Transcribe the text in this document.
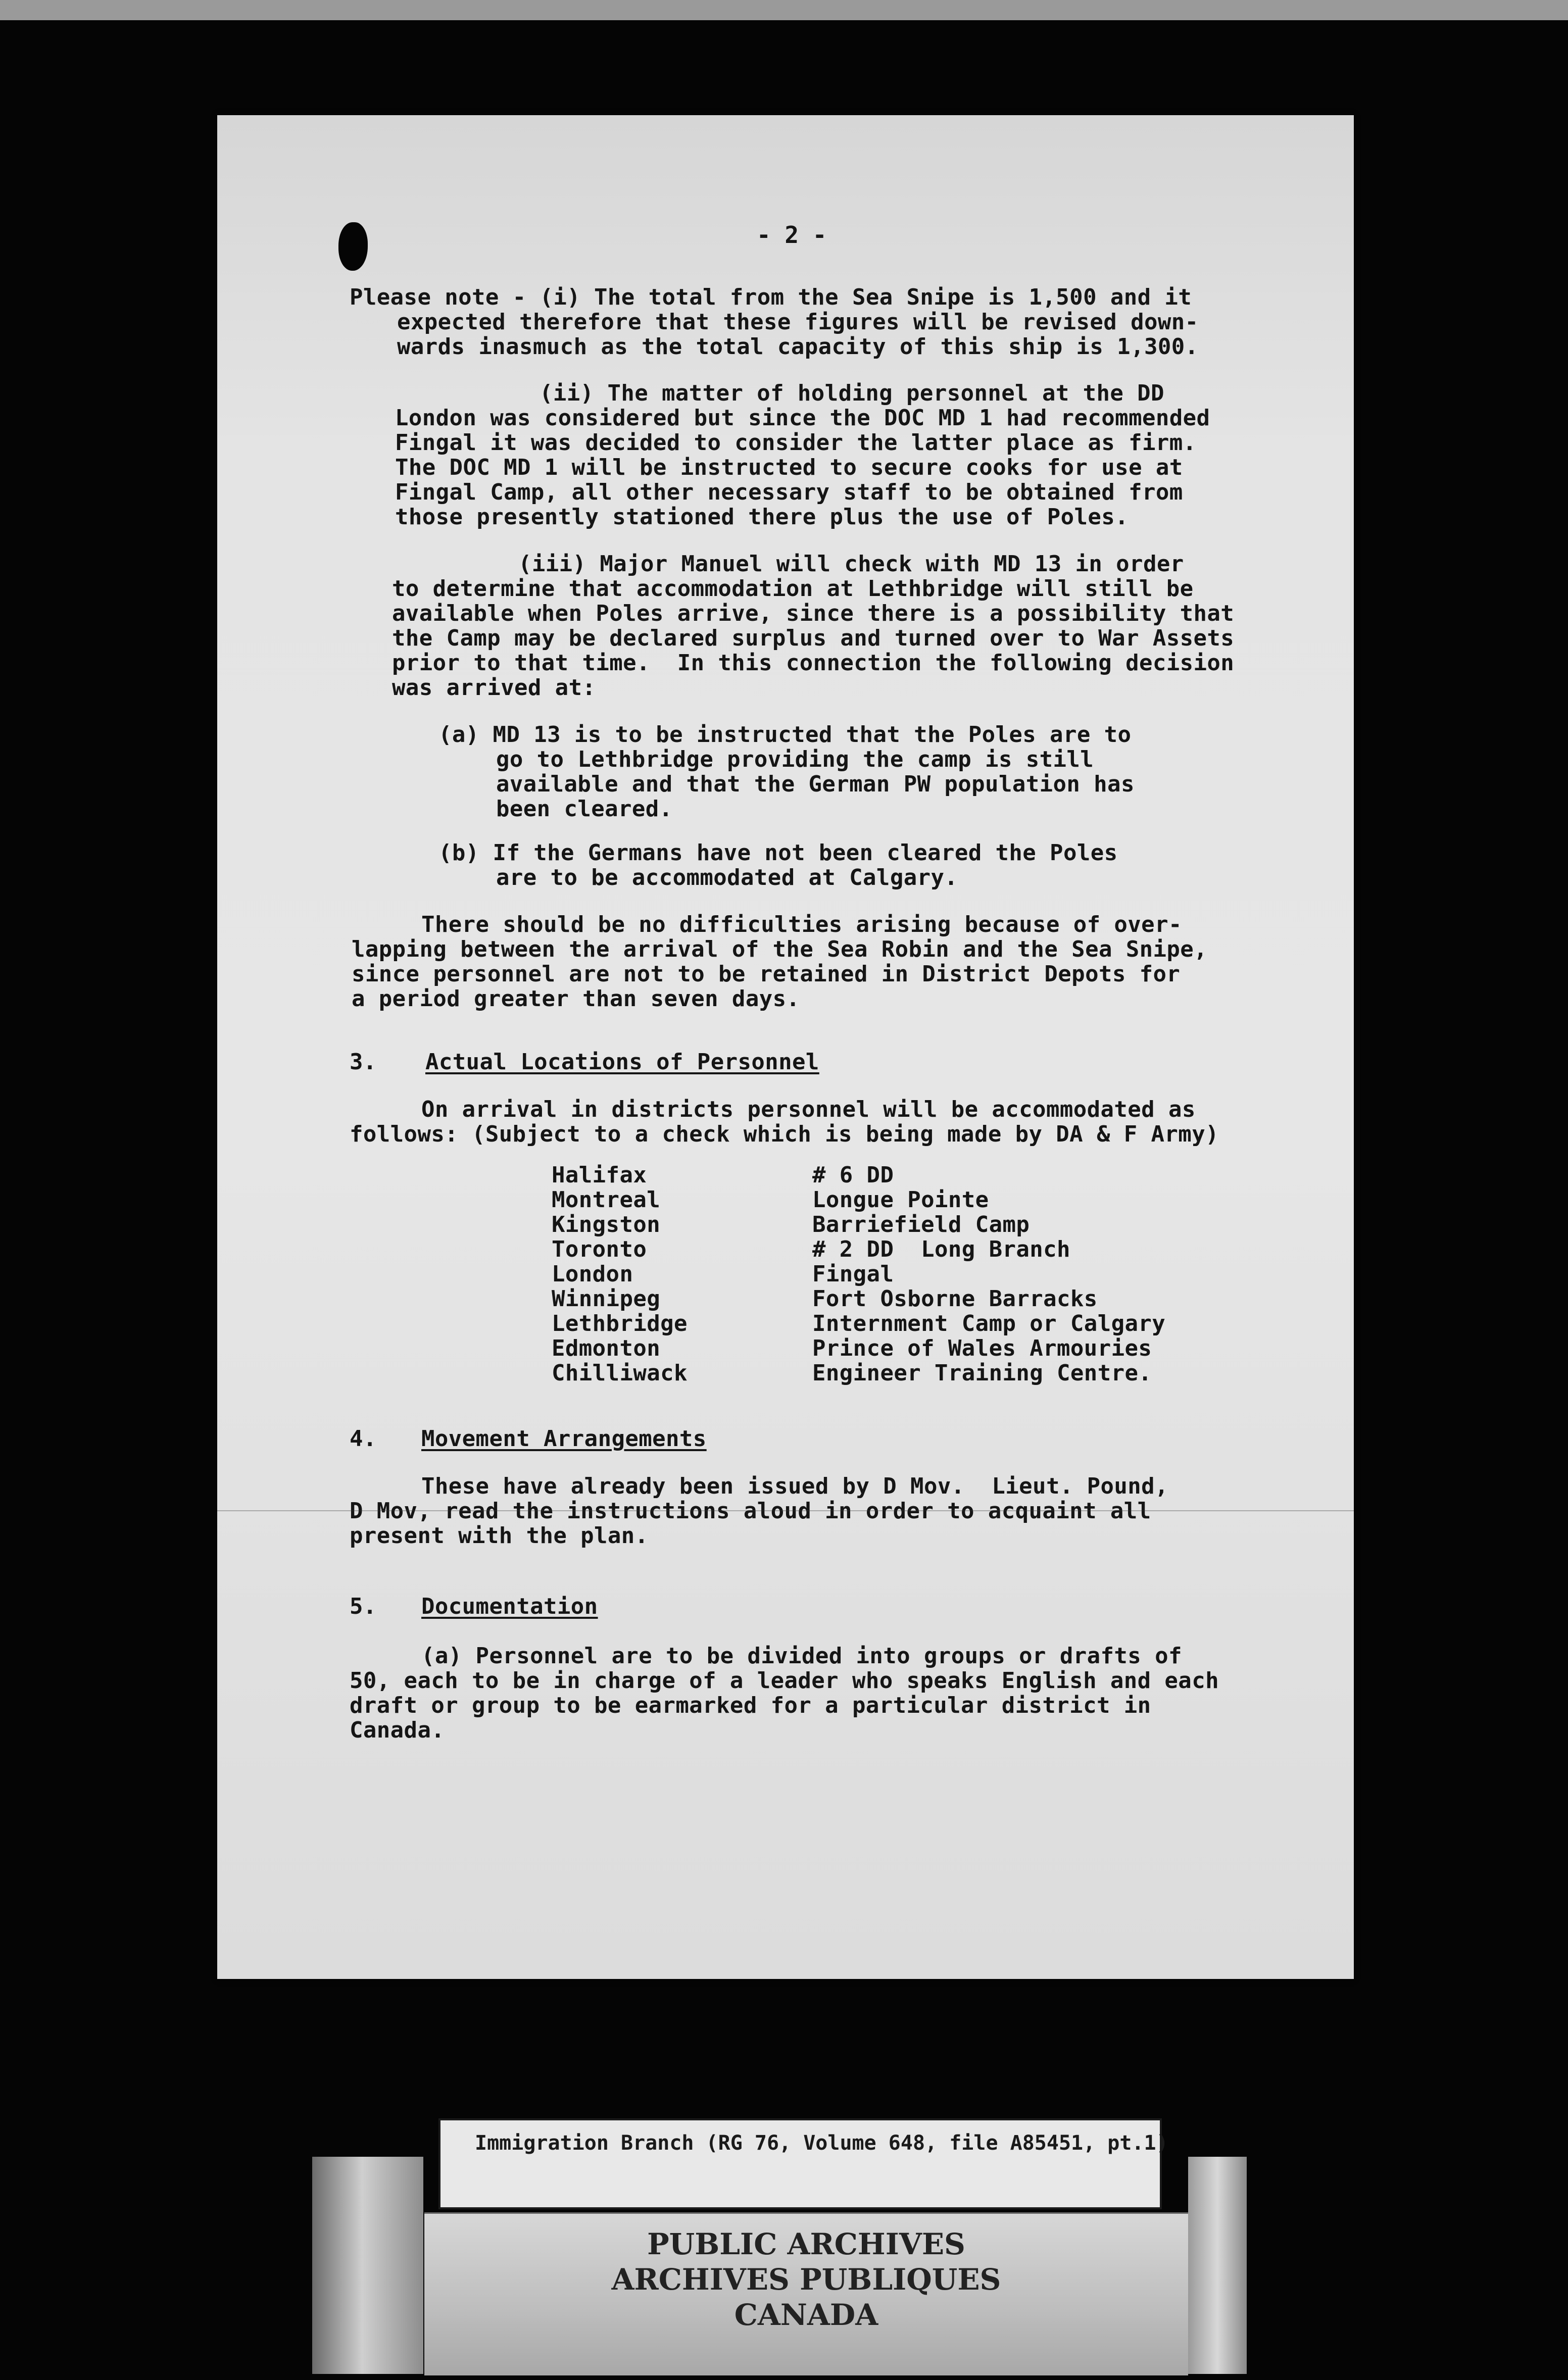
- 2 -
Please note - (i) The total from the Sea Snipe is 1,500 and it
expected therefore that these figures will be revised down-
wards inasmuch as the total capacity of this ship is 1,300.
(ii) The matter of holding personnel at the DD
London was considered but since the DOC MD 1 had recommended
Fingal it was decided to consider the latter place as firm.
The DOC MD 1 will be instructed to secure cooks for use at
Fingal Camp, all other necessary staff to be obtained from
those presently stationed there plus the use of Poles.
(iii) Major Manuel will check with MD 13 in order
to determine that accommodation at Lethbridge will still be
available when Poles arrive, since there is a possibility that
the Camp may be declared surplus and turned over to War Assets
prior to that time.  In this connection the following decision
was arrived at:
(a) MD 13 is to be instructed that the Poles are to
go to Lethbridge providing the camp is still
available and that the German PW population has
been cleared.
(b) If the Germans have not been cleared the Poles
are to be accommodated at Calgary.
There should be no difficulties arising because of over-
lapping between the arrival of the Sea Robin and the Sea Snipe,
since personnel are not to be retained in District Depots for
a period greater than seven days.
3. Actual Locations of Personnel
On arrival in districts personnel will be accommodated as
follows: (Subject to a check which is being made by DA & F Army)
Halifax	# 6 DD
Montreal	Longue Pointe
Kingston	Barriefield Camp
Toronto	# 2 DD  Long Branch
London	Fingal
Winnipeg	Fort Osborne Barracks
Lethbridge	Internment Camp or Calgary
Edmonton	Prince of Wales Armouries
Chilliwack	Engineer Training Centre.
4. Movement Arrangements
These have already been issued by D Mov.  Lieut. Pound,
D Mov, read the instructions aloud in order to acquaint all
present with the plan.
5. Documentation
(a) Personnel are to be divided into groups or drafts of
50, each to be in charge of a leader who speaks English and each
draft or group to be earmarked for a particular district in
Canada.
Immigration Branch (RG 76, Volume 648, file A85451, pt.1)
PUBLIC ARCHIVES
ARCHIVES PUBLIQUES
CANADA
